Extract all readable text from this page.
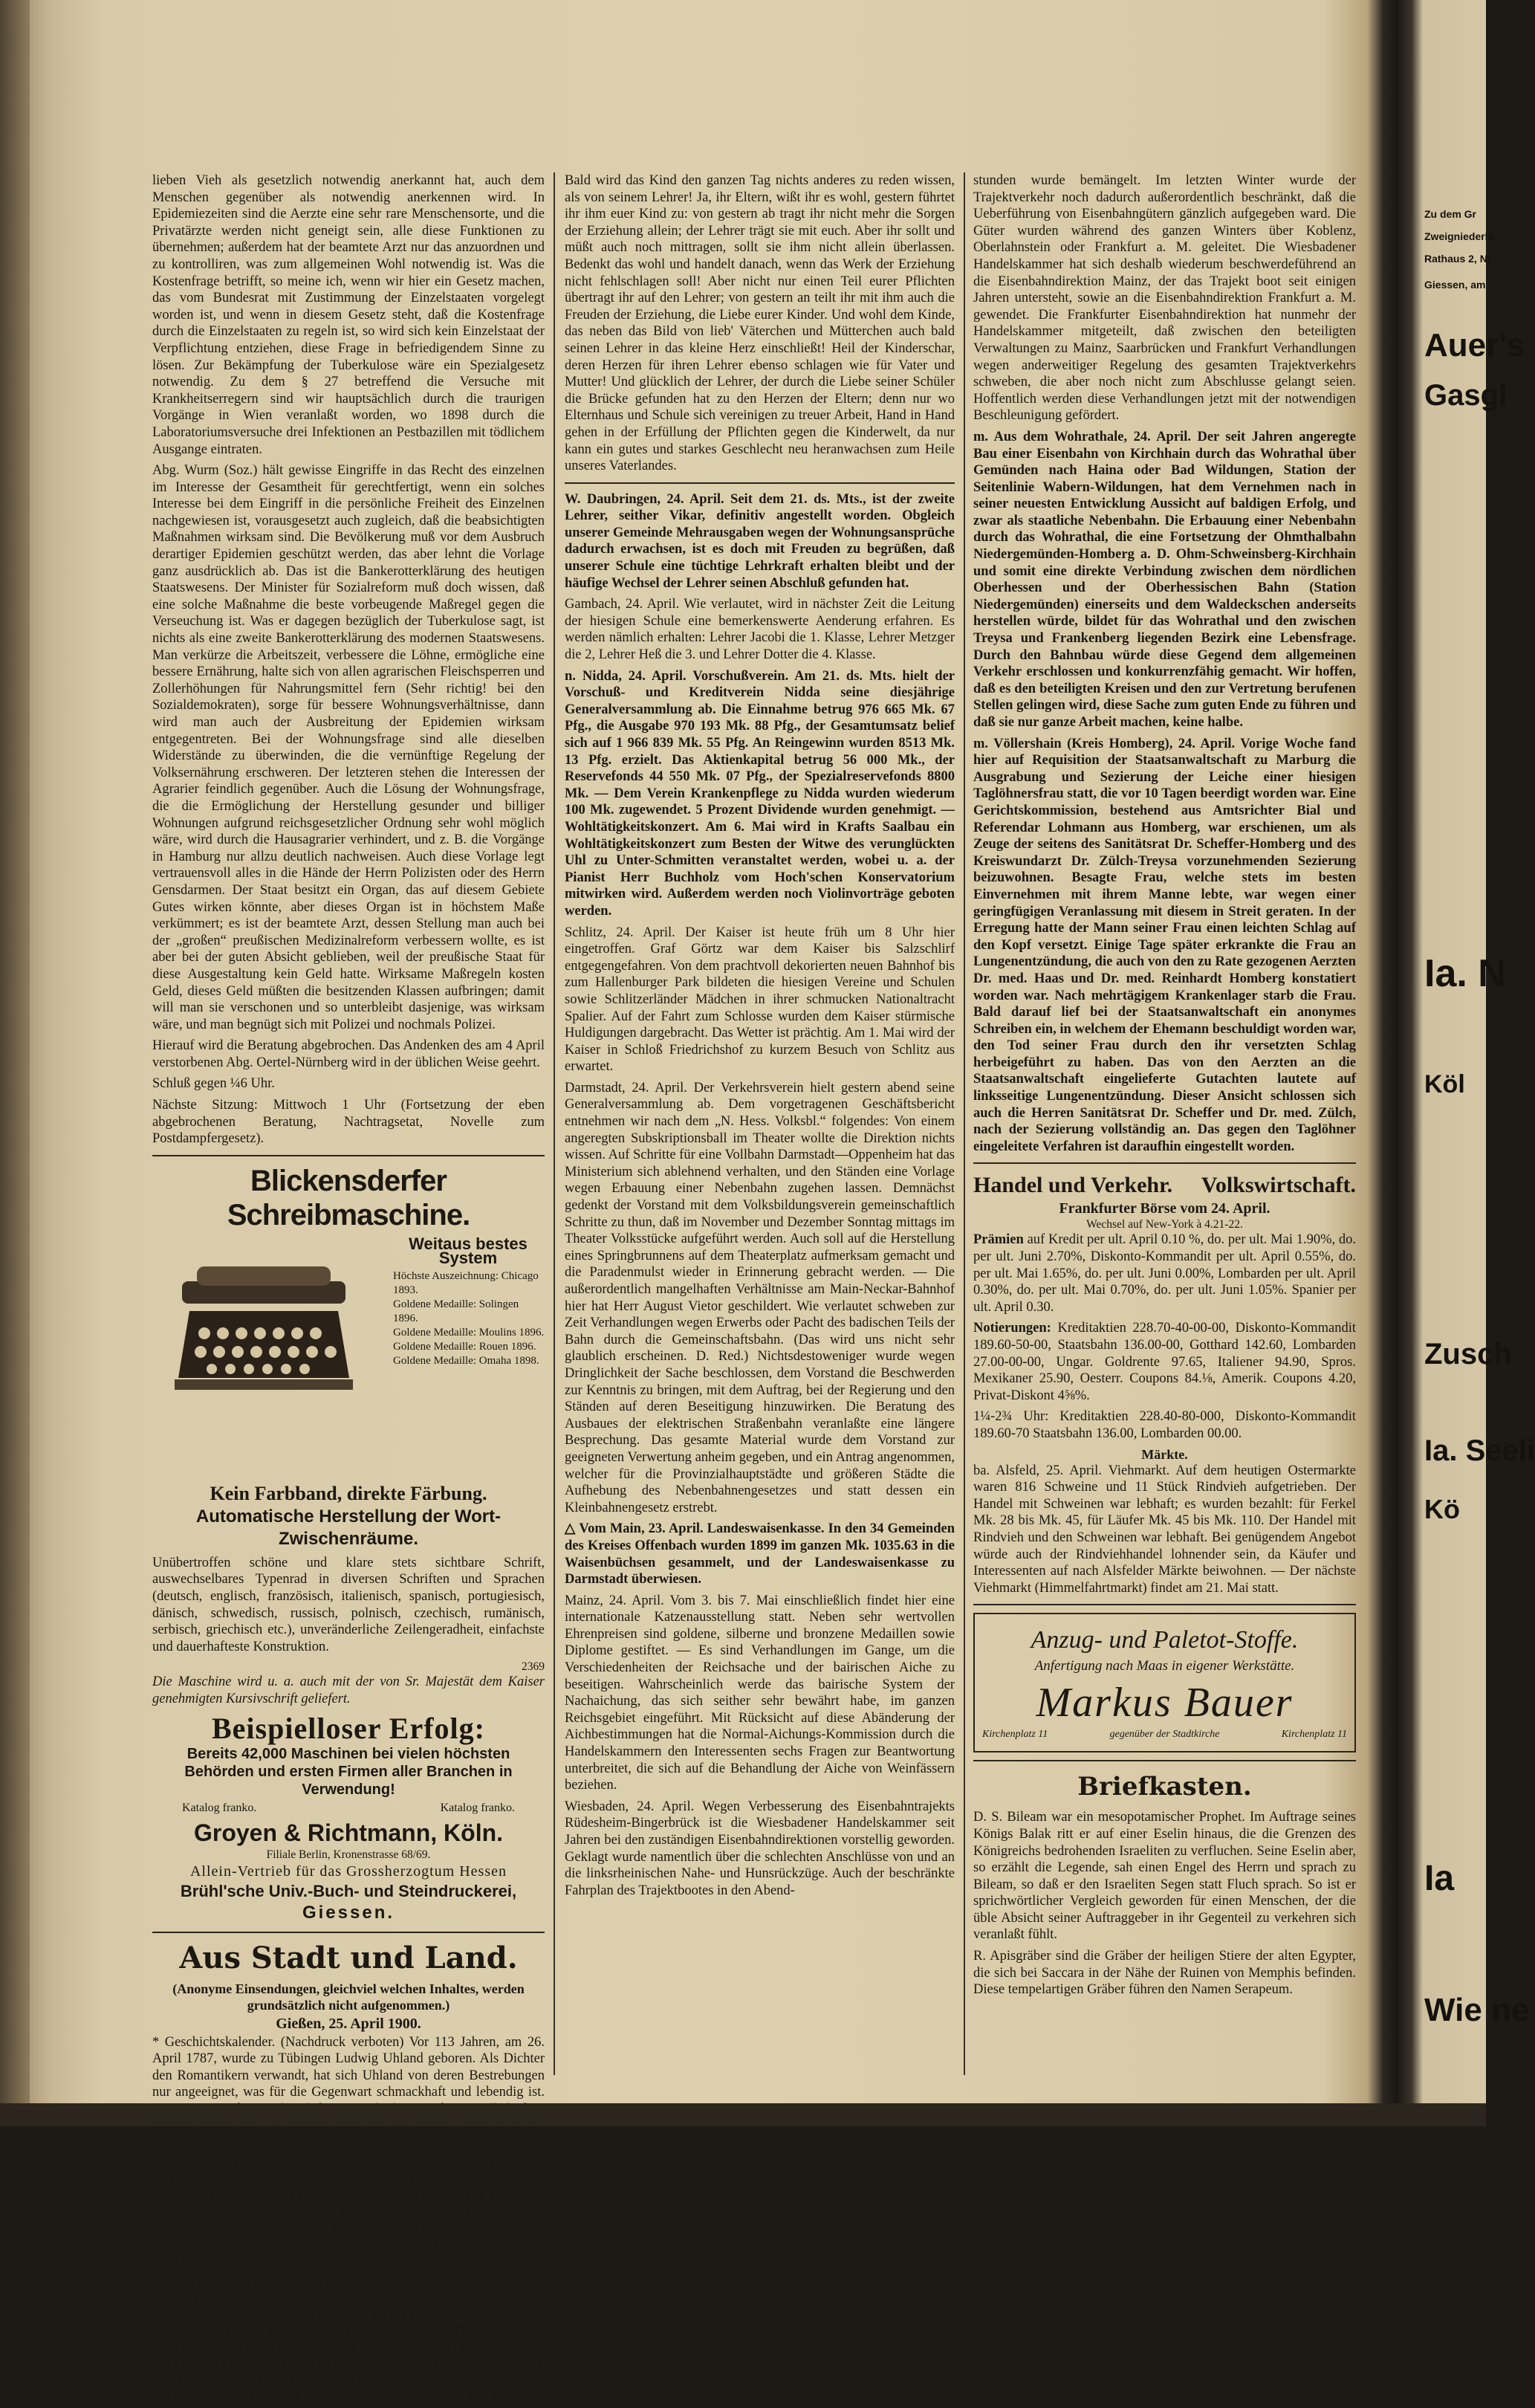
lieben Vieh als gesetzlich notwendig anerkannt hat, auch dem Menschen gegenüber als notwendig anerkennen wird. In Epidemiezeiten sind die Aerzte eine sehr rare Menschensorte, und die Privatärzte werden nicht geneigt sein, alle diese Funktionen zu übernehmen; außerdem hat der beamtete Arzt nur das anzuordnen und zu kontrolliren, was zum allgemeinen Wohl notwendig ist. Was die Kostenfrage betrifft, so meine ich, wenn wir hier ein Gesetz machen, das vom Bundesrat mit Zustimmung der Einzelstaaten vorgelegt worden ist, und wenn in diesem Gesetz steht, daß die Kostenfrage durch die Einzelstaaten zu regeln ist, so wird sich kein Einzelstaat der Verpflichtung entziehen, diese Frage in befriedigendem Sinne zu lösen. Zur Bekämpfung der Tuberkulose wäre ein Spezialgesetz notwendig. Zu dem § 27 betreffend die Versuche mit Krankheitserregern sind wir hauptsächlich durch die traurigen Vorgänge in Wien veranlaßt worden, wo 1898 durch die Laboratoriumsversuche drei Infektionen an Pestbazillen mit tödlichem Ausgange eintraten.

Abg. Wurm (Soz.) hält gewisse Eingriffe in das Recht des einzelnen im Interesse der Gesamtheit für gerechtfertigt, wenn ein solches Interesse bei dem Eingriff in die persönliche Freiheit des Einzelnen nachgewiesen ist, vorausgesetzt auch zugleich, daß die beabsichtigten Maßnahmen wirksam sind. Die Bevölkerung muß vor dem Ausbruch derartiger Epidemien geschützt werden, das aber lehnt die Vorlage ganz ausdrücklich ab. Das ist die Bankerotterklärung des heutigen Staatswesens. Der Minister für Sozialreform muß doch wissen, daß eine solche Maßnahme die beste vorbeugende Maßregel gegen die Verseuchung ist. Was er dagegen bezüglich der Tuberkulose sagt, ist nichts als eine zweite Bankerotterklärung des modernen Staatswesens. Man verkürze die Arbeitszeit, verbessere die Löhne, ermögliche eine bessere Ernährung, halte sich von allen agrarischen Fleischsperren und Zollerhöhungen für Nahrungsmittel fern (Sehr richtig! bei den Sozialdemokraten), sorge für bessere Wohnungsverhältnisse, dann wird man auch der Ausbreitung der Epidemien wirksam entgegentreten. Bei der Wohnungsfrage sind alle dieselben Widerstände zu überwinden, die die vernünftige Regelung der Volksernährung erschweren. Der letzteren stehen die Interessen der Agrarier feindlich gegenüber. Auch die Lösung der Wohnungsfrage, die die Ermöglichung der Herstellung gesunder und billiger Wohnungen aufgrund reichsgesetzlicher Ordnung sehr wohl möglich wäre, wird durch die Hausagrarier verhindert, und z. B. die Vorgänge in Hamburg nur allzu deutlich nachweisen. Auch diese Vorlage legt vertrauensvoll alles in die Hände der Herrn Polizisten oder des Herrn Gensdarmen. Der Staat besitzt ein Organ, das auf diesem Gebiete Gutes wirken könnte, aber dieses Organ ist in höchstem Maße verkümmert; es ist der beamtete Arzt, dessen Stellung man auch bei der „großen“ preußischen Medizinalreform verbessern wollte, es ist aber bei der guten Absicht geblieben, weil der preußische Staat für diese Ausgestaltung kein Geld hatte. Wirksame Maßregeln kosten Geld, dieses Geld müßten die besitzenden Klassen aufbringen; damit will man sie verschonen und so unterbleibt dasjenige, was wirksam wäre, und man begnügt sich mit Polizei und nochmals Polizei.

Hierauf wird die Beratung abgebrochen. Das Andenken des am 4 April verstorbenen Abg. Oertel-Nürnberg wird in der üblichen Weise geehrt.

Schluß gegen ¼6 Uhr.

Nächste Sitzung: Mittwoch 1 Uhr (Fortsetzung der eben abgebrochenen Beratung, Nachtragsetat, Novelle zum Postdampfergesetz).

Blickensderfer Schreibmaschine.
Weitaus bestes System
Höchste Auszeichnung: Chicago 1893.
Goldene Medaille: Solingen 1896.
Goldene Medaille: Moulins 1896.
Goldene Medaille: Rouen 1896.
Goldene Medaille: Omaha 1898.
Kein Farbband, direkte Färbung.
Automatische Herstellung der Wort-Zwischenräume.

Unübertroffen schöne und klare stets sichtbare Schrift, auswechselbares Typenrad in diversen Schriften und Sprachen (deutsch, englisch, französisch, italienisch, spanisch, portugiesisch, dänisch, schwedisch, russisch, polnisch, czechisch, rumänisch, serbisch, griechisch etc.), unveränderliche Zeilengeradheit, einfachste und dauerhafteste Konstruktion.

2369

Die Maschine wird u. a. auch mit der von Sr. Majestät dem Kaiser genehmigten Kursivschrift geliefert.

Beispielloser Erfolg:
Bereits 42,000 Maschinen bei vielen höchsten Behörden und ersten Firmen aller Branchen in Verwendung!
Katalog franko.	Katalog franko.
Groyen & Richtmann, Köln.
Filiale Berlin, Kronenstrasse 68/69.
Allein-Vertrieb für das Grossherzogtum Hessen
Brühl'sche Univ.-Buch- und Steindruckerei,
Giessen.
Aus Stadt und Land.
(Anonyme Einsendungen, gleichviel welchen Inhaltes, werden grundsätzlich nicht aufgenommen.)
Gießen, 25. April 1900.

* Geschichtskalender. (Nachdruck verboten) Vor 113 Jahren, am 26. April 1787, wurde zu Tübingen Ludwig Uhland geboren. Als Dichter den Romantikern verwandt, hat sich Uhland von deren Bestrebungen nur angeeignet, was für die Gegenwart schmackhaft und lebendig ist. Vaterstadt.

** Des Kindes erster Schulgang! Gestern traten wieder viele kleine Erdenbürger die Reise in eine neue Welt an. Geführt von treuer Elternhand, kam der kleine Knabe, das kleine Mädchen zum erstenmale in die Schule, in das Haus, das acht lange Jahre das Ziel seiner täglichen Wanderungen bleiben soll. Mit welchen Gefühlen bange Scheu oder kindlichen Stolzes schritten die kleinen neben Vater oder Mutter einher! Wie blickten die weitgeöffneten Kinderaugen sich fragend um im Schulsaale, wo die Aufnahme stattfand, wie ruhten die Blicke forschend auf dem Antlitz des Lehrers, der sie in das neue Heim, in das Klassenzimmer führte! Der Lehrer! Das ist also der Mann, von dem die Eltern so oft gesprochen, dieses Gesichter so oft erzählt, mit dem die Kindermädchen nur so oft gedroht haben? So also sieht er aus! Ob er wohl böse ist? Gestern noch nicht! Also warten wir. Wie bald aber wird das Füßchen nicht schnell genug zu ihm trippeln, das Händchen nicht schnell genug sich ihm entgegenstrecken können!

Bald wird das Kind den ganzen Tag nichts anderes zu reden wissen, als von seinem Lehrer! Ja, ihr Eltern, wißt ihr es wohl, gestern führtet ihr ihm euer Kind zu: von gestern ab tragt ihr nicht mehr die Sorgen der Erziehung allein; der Lehrer trägt sie mit euch. Aber ihr sollt und müßt auch noch mittragen, sollt sie ihm nicht allein überlassen. Bedenkt das wohl und handelt danach, wenn das Werk der Erziehung nicht fehlschlagen soll! Aber nicht nur einen Teil eurer Pflichten übertragt ihr auf den Lehrer; von gestern an teilt ihr mit ihm auch die Freuden der Erziehung, die Liebe eurer Kinder. Und wohl dem Kinde, das neben das Bild von lieb' Väterchen und Mütterchen auch bald seinen Lehrer in das kleine Herz einschließt! Heil der Kinderschar, deren Herzen für ihren Lehrer ebenso schlagen wie für Vater und Mutter! Und glücklich der Lehrer, der durch die Liebe seiner Schüler die Brücke gefunden hat zu den Herzen der Eltern; denn nur wo Elternhaus und Schule sich vereinigen zu treuer Arbeit, Hand in Hand gehen in der Erfüllung der Pflichten gegen die Kinderwelt, da nur kann ein gutes und starkes Geschlecht neu heranwachsen zum Heile unseres Vaterlandes.

W. Daubringen, 24. April. Seit dem 21. ds. Mts., ist der zweite Lehrer, seither Vikar, definitiv angestellt worden. Obgleich unserer Gemeinde Mehrausgaben wegen der Wohnungsansprüche dadurch erwachsen, ist es doch mit Freuden zu begrüßen, daß unserer Schule eine tüchtige Lehrkraft erhalten bleibt und der häufige Wechsel der Lehrer seinen Abschluß gefunden hat.

Gambach, 24. April. Wie verlautet, wird in nächster Zeit die Leitung der hiesigen Schule eine bemerkenswerte Aenderung erfahren. Es werden nämlich erhalten: Lehrer Jacobi die 1. Klasse, Lehrer Metzger die 2, Lehrer Heß die 3. und Lehrer Dotter die 4. Klasse.

n. Nidda, 24. April. Vorschußverein. Am 21. ds. Mts. hielt der Vorschuß- und Kreditverein Nidda seine diesjährige Generalversammlung ab. Die Einnahme betrug 976 665 Mk. 67 Pfg., die Ausgabe 970 193 Mk. 88 Pfg., der Gesamtumsatz belief sich auf 1 966 839 Mk. 55 Pfg. An Reingewinn wurden 8513 Mk. 13 Pfg. erzielt. Das Aktienkapital betrug 56 000 Mk., der Reservefonds 44 550 Mk. 07 Pfg., der Spezialreservefonds 8800 Mk. — Dem Verein Krankenpflege zu Nidda wurden wiederum 100 Mk. zugewendet. 5 Prozent Dividende wurden genehmigt. — Wohltätigkeitskonzert. Am 6. Mai wird in Krafts Saalbau ein Wohltätigkeitskonzert zum Besten der Witwe des verunglückten Uhl zu Unter-Schmitten veranstaltet werden, wobei u. a. der Pianist Herr Buchholz vom Hoch'schen Konservatorium mitwirken wird. Außerdem werden noch Violinvorträge geboten werden.

Schlitz, 24. April. Der Kaiser ist heute früh um 8 Uhr hier eingetroffen. Graf Görtz war dem Kaiser bis Salzschlirf entgegengefahren. Von dem prachtvoll dekorierten neuen Bahnhof bis zum Hallenburger Park bildeten die hiesigen Vereine und Schulen sowie Schlitzerländer Mädchen in ihrer schmucken Nationaltracht Spalier. Auf der Fahrt zum Schlosse wurden dem Kaiser stürmische Huldigungen dargebracht. Das Wetter ist prächtig. Am 1. Mai wird der Kaiser in Schloß Friedrichshof zu kurzem Besuch von Schlitz aus erwartet.

Darmstadt, 24. April. Der Verkehrsverein hielt gestern abend seine Generalversammlung ab. Dem vorgetragenen Geschäftsbericht entnehmen wir nach dem „N. Hess. Volksbl.“ folgendes: Von einem angeregten Subskriptionsball im Theater wollte die Direktion nichts wissen. Auf Schritte für eine Vollbahn Darmstadt—Oppenheim hat das Ministerium sich ablehnend verhalten, und den Ständen eine Vorlage wegen Erbauung einer Nebenbahn zugehen lassen. Demnächst gedenkt der Vorstand mit dem Volksbildungsverein gemeinschaftlich Schritte zu thun, daß im November und Dezember Sonntag mittags im Theater Volksstücke aufgeführt werden. Auch soll auf die Herstellung eines Springbrunnens auf dem Theaterplatz aufmerksam gemacht und die Paradenmulst wieder in Erinnerung gebracht werden. — Die außerordentlich mangelhaften Verhältnisse am Main-Neckar-Bahnhof hier hat Herr August Vietor geschildert. Wie verlautet schweben zur Zeit Verhandlungen wegen Erwerbs oder Pacht des badischen Teils der Bahn durch die Gemeinschaftsbahn. (Das wird uns nicht sehr glaublich erscheinen. D. Red.) Nichtsdestoweniger wurde wegen Dringlichkeit der Sache beschlossen, dem Vorstand die Beschwerden zur Kenntnis zu bringen, mit dem Auftrag, bei der Regierung und den Ständen auf deren Beseitigung hinzuwirken. Die Beratung des Ausbaues der elektrischen Straßenbahn veranlaßte eine längere Besprechung. Das gesamte Material wurde dem Vorstand zur geeigneten Verwertung anheim gegeben, und ein Antrag angenommen, welcher für die Provinzialhauptstädte und größeren Städte die Aufhebung des Nebenbahnengesetzes und statt dessen ein Kleinbahnengesetz erstrebt.

△ Vom Main, 23. April. Landeswaisenkasse. In den 34 Gemeinden des Kreises Offenbach wurden 1899 im ganzen Mk. 1035.63 in die Waisenbüchsen gesammelt, und der Landeswaisenkasse zu Darmstadt überwiesen.

Mainz, 24. April. Vom 3. bis 7. Mai einschließlich findet hier eine internationale Katzenausstellung statt. Neben sehr wertvollen Ehrenpreisen sind goldene, silberne und bronzene Medaillen sowie Diplome gestiftet. — Es sind Verhandlungen im Gange, um die Verschiedenheiten der Reichsache und der bairischen Aiche zu beseitigen. Wahrscheinlich werde das bairische System der Nachaichung, das sich seither sehr bewährt habe, im ganzen Reichsgebiet eingeführt. Mit Rücksicht auf diese Abänderung der Aichbestimmungen hat die Normal-Aichungs-Kommission durch die Handelskammern den Interessenten sechs Fragen zur Beantwortung unterbreitet, die sich auf die Behandlung der Aiche von Weinfässern beziehen.

Wiesbaden, 24. April. Wegen Verbesserung des Eisenbahntrajekts Rüdesheim-Bingerbrück ist die Wiesbadener Handelskammer seit Jahren bei den zuständigen Eisenbahndirektionen vorstellig geworden. Geklagt wurde namentlich über die schlechten Anschlüsse von und an die linksrheinischen Nahe- und Hunsrückzüge. Auch der beschränkte Fahrplan des Trajektbootes in den Abend-

stunden wurde bemängelt. Im letzten Winter wurde der Trajektverkehr noch dadurch außerordentlich beschränkt, daß die Ueberführung von Eisenbahngütern gänzlich aufgegeben ward. Die Güter wurden während des ganzen Winters über Koblenz, Oberlahnstein oder Frankfurt a. M. geleitet. Die Wiesbadener Handelskammer hat sich deshalb wiederum beschwerdeführend an die Eisenbahndirektion Mainz, der das Trajekt boot seit einigen Jahren untersteht, sowie an die Eisenbahndirektion Frankfurt a. M. gewendet. Die Frankfurter Eisenbahndirektion hat nunmehr der Handelskammer mitgeteilt, daß zwischen den beteiligten Verwaltungen zu Mainz, Saarbrücken und Frankfurt Verhandlungen wegen anderweitiger Regelung des gesamten Trajektverkehrs schweben, die aber noch nicht zum Abschlusse gelangt seien. Hoffentlich werden diese Verhandlungen jetzt mit der notwendigen Beschleunigung gefördert.

m. Aus dem Wohrathale, 24. April. Der seit Jahren angeregte Bau einer Eisenbahn von Kirchhain durch das Wohrathal über Gemünden nach Haina oder Bad Wildungen, Station der Seitenlinie Wabern-Wildungen, hat dem Vernehmen nach in seiner neuesten Entwicklung Aussicht auf baldigen Erfolg, und zwar als staatliche Nebenbahn. Die Erbauung einer Nebenbahn durch das Wohrathal, die eine Fortsetzung der Ohmthalbahn Niedergemünden-Homberg a. D. Ohm-Schweinsberg-Kirchhain und somit eine direkte Verbindung zwischen dem nördlichen Oberhessen und der Oberhessischen Bahn (Station Niedergemünden) einerseits und dem Waldeckschen anderseits herstellen würde, bildet für das Wohrathal und den zwischen Treysa und Frankenberg liegenden Bezirk eine Lebensfrage. Durch den Bahnbau würde diese Gegend dem allgemeinen Verkehr erschlossen und konkurrenzfähig gemacht. Wir hoffen, daß es den beteiligten Kreisen und den zur Vertretung berufenen Stellen gelingen wird, diese Sache zum guten Ende zu führen und daß sie nur ganze Arbeit machen, keine halbe.

m. Völlershain (Kreis Homberg), 24. April. Vorige Woche fand hier auf Requisition der Staatsanwaltschaft zu Marburg die Ausgrabung und Sezierung der Leiche einer hiesigen Taglöhnersfrau statt, die vor 10 Tagen beerdigt worden war. Eine Gerichtskommission, bestehend aus Amtsrichter Bial und Referendar Lohmann aus Homberg, war erschienen, um als Zeuge der seitens des Sanitätsrat Dr. Scheffer-Homberg und des Kreiswundarzt Dr. Zülch-Treysa vorzunehmenden Sezierung beizuwohnen. Besagte Frau, welche stets im besten Einvernehmen mit ihrem Manne lebte, war wegen einer geringfügigen Veranlassung mit diesem in Streit geraten. In der Erregung hatte der Mann seiner Frau einen leichten Schlag auf den Kopf versetzt. Einige Tage später erkrankte die Frau an Lungenentzündung, die auch von den zu Rate gezogenen Aerzten Dr. med. Haas und Dr. med. Reinhardt Homberg konstatiert worden war. Nach mehrtägigem Krankenlager starb die Frau. Bald darauf lief bei der Staatsanwaltschaft ein anonymes Schreiben ein, in welchem der Ehemann beschuldigt worden war, den Tod seiner Frau durch den ihr versetzten Schlag herbeigeführt zu haben. Das von den Aerzten an die Staatsanwaltschaft eingelieferte Gutachten lautete auf linksseitige Lungenentzündung. Dieser Ansicht schlossen sich auch die Herren Sanitätsrat Dr. Scheffer und Dr. med. Zülch, nach der Sezierung vollständig an. Das gegen den Taglöhner eingeleitete Verfahren ist daraufhin eingestellt worden.

Handel und Verkehr. Volkswirtschaft.
Frankfurter Börse vom 24. April.
Wechsel auf New-York à 4.21-22.

Prämien auf Kredit per ult. April 0.10 %, do. per ult. Mai 1.90%, do. per ult. Juni 2.70%, Diskonto-Kommandit per ult. April 0.55%, do. per ult. Mai 1.65%, do. per ult. Juni 0.00%, Lombarden per ult. April 0.30%, do. per ult. Mai 0.70%, do. per ult. Juni 1.05%. Spanier per ult. April 0.30.

Notierungen: Kreditaktien 228.70-40-00-00, Diskonto-Kommandit 189.60-50-00, Staatsbahn 136.00-00, Gotthard 142.60, Lombarden 27.00-00-00, Ungar. Goldrente 97.65, Italiener 94.90, Spros. Mexikaner 25.90, Oesterr. Coupons 84.⅛, Amerik. Coupons 4.20, Privat-Diskont 4⅝%.

1¼-2¾ Uhr: Kreditaktien 228.40-80-000, Diskonto-Kommandit 189.60-70 Staatsbahn 136.00, Lombarden 00.00.

Märkte.

ba. Alsfeld, 25. April. Viehmarkt. Auf dem heutigen Ostermarkte waren 816 Schweine und 11 Stück Rindvieh aufgetrieben. Der Handel mit Schweinen war lebhaft; es wurden bezahlt: für Ferkel Mk. 28 bis Mk. 45, für Läufer Mk. 45 bis Mk. 110. Der Handel mit Rindvieh und den Schweinen war lebhaft. Bei genügendem Angebot würde auch der Rindviehhandel lohnender sein, da Käufer und Interessenten auf nach Alsfelder Märkte beiwohnen. — Der nächste Viehmarkt (Himmelfahrtmarkt) findet am 21. Mai statt.

Anzug- und Paletot-Stoffe.
Anfertigung nach Maas in eigener Werkstätte.
Markus Bauer
Kirchenplatz 11	gegenüber der Stadtkirche	Kirchenplatz 11
Briefkasten.

D. S. Bileam war ein mesopotamischer Prophet. Im Auftrage seines Königs Balak ritt er auf einer Eselin hinaus, die die Grenzen des Königreichs bedrohenden Israeliten zu verfluchen. Seine Eselin aber, so erzählt die Legende, sah einen Engel des Herrn und sprach zu Bileam, so daß er den Israeliten Segen statt Fluch sprach. So ist er sprichwörtlicher Vergleich geworden für einen Menschen, der die üble Absicht seiner Auftraggeber in ihr Gegenteil zu verkehren sich veranlaßt fühlt.

R. Apisgräber sind die Gräber der heiligen Stiere der alten Egypter, die sich bei Saccara in der Nähe der Ruinen von Memphis befinden. Diese tempelartigen Gräber führen den Namen Serapeum.

Zu dem Gr
Zweigniederla
Rathaus 2, Nr
Giessen, am
Auer's
Gasgl
Ia. N
Köl
Zusch
Ia. Seeli
Kö
Ia
Wie ne
